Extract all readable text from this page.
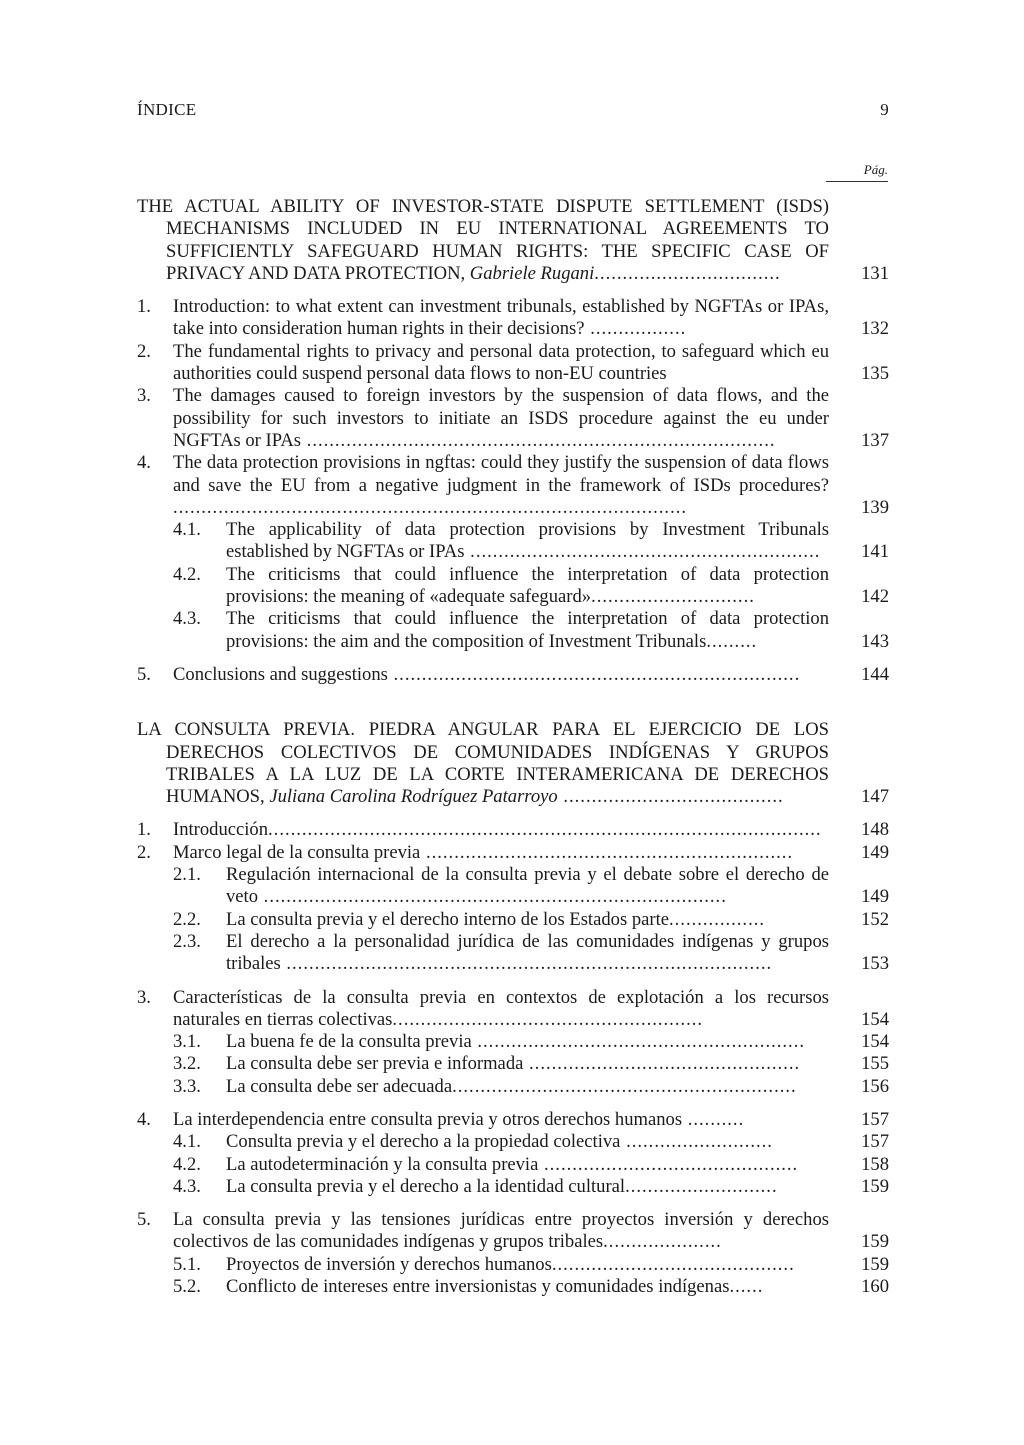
ÍNDICE	9
Pág.
THE ACTUAL ABILITY OF INVESTOR-STATE DISPUTE SETTLEMENT (ISDS) MECHANISMS INCLUDED IN EU INTERNATIONAL AGREEMENTS TO SUFFICIENTLY SAFEGUARD HUMAN RIGHTS: THE SPECIFIC CASE OF PRIVACY AND DATA PROTECTION, Gabriele Rugani.................................	131
1. Introduction: to what extent can investment tribunals, established by NGFTAs or IPAs, take into consideration human rights in their decisions? .................	132
2. The fundamental rights to privacy and personal data protection, to safeguard which eu authorities could suspend personal data flows to non-EU countries	135
3. The damages caused to foreign investors by the suspension of data flows, and the possibility for such investors to initiate an ISDS procedure against the eu under NGFTAs or IPAs ...................................................................................	137
4. The data protection provisions in ngftas: could they justify the suspension of data flows and save the EU from a negative judgment in the framework of ISDs procedures? ...........................................................................................	139
4.1. The applicability of data protection provisions by Investment Tribunals established by NGFTAs or IPAs ..............................................................	141
4.2. The criticisms that could influence the interpretation of data protection provisions: the meaning of «adequate safeguard».............................	142
4.3. The criticisms that could influence the interpretation of data protection provisions: the aim and the composition of Investment Tribunals.........	143
5. Conclusions and suggestions ........................................................................	144
LA CONSULTA PREVIA. PIEDRA ANGULAR PARA EL EJERCICIO DE LOS DERECHOS COLECTIVOS DE COMUNIDADES INDÍGENAS Y GRUPOS TRIBALES A LA LUZ DE LA CORTE INTERAMERICANA DE DERECHOS HUMANOS, Juliana Carolina Rodríguez Patarroyo .......................................	147
1. Introducción..................................................................................................	148
2. Marco legal de la consulta previa .................................................................	149
2.1. Regulación internacional de la consulta previa y el debate sobre el derecho de veto ..................................................................................	149
2.2. La consulta previa y el derecho interno de los Estados parte.................	152
2.3. El derecho a la personalidad jurídica de las comunidades indígenas y grupos tribales ......................................................................................	153
3. Características de la consulta previa en contextos de explotación a los recursos naturales en tierras colectivas.......................................................	154
3.1. La buena fe de la consulta previa ..........................................................	154
3.2. La consulta debe ser previa e informada ................................................	155
3.3. La consulta debe ser adecuada.............................................................	156
4. La interdependencia entre consulta previa y otros derechos humanos ..........	157
4.1. Consulta previa y el derecho a la propiedad colectiva ..........................	157
4.2. La autodeterminación y la consulta previa .............................................	158
4.3. La consulta previa y el derecho a la identidad cultural...........................	159
5. La consulta previa y las tensiones jurídicas entre proyectos inversión y derechos colectivos de las comunidades indígenas y grupos tribales.....................	159
5.1. Proyectos de inversión y derechos humanos...........................................	159
5.2. Conflicto de intereses entre inversionistas y comunidades indígenas......	160
